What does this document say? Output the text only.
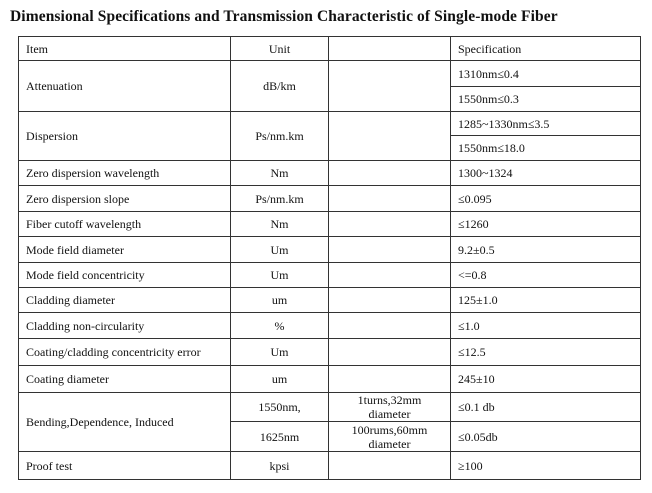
Dimensional Specifications and Transmission Characteristic of Single-mode Fiber
Item	Unit		Specification
Attenuation	dB/km		1310nm≤0.4
			1550nm≤0.3
Dispersion	Ps/nm.km		1285~1330nm≤3.5
			1550nm≤18.0
Zero dispersion wavelength	Nm		1300~1324
Zero dispersion slope	Ps/nm.km		≤0.095
Fiber cutoff wavelength	Nm		≤1260
Mode field diameter	Um		9.2±0.5
Mode field concentricity	Um		<=0.8
Cladding diameter	um		125±1.0
Cladding non-circularity	%		≤1.0
Coating/cladding concentricity error	Um		≤12.5
Coating diameter	um		245±10
Bending,Dependence, Induced	1550nm,	1turns,32mm diameter	≤0.1 db
	1625nm	100rums,60mm diameter	≤0.05db
Proof test	kpsi		≥100
